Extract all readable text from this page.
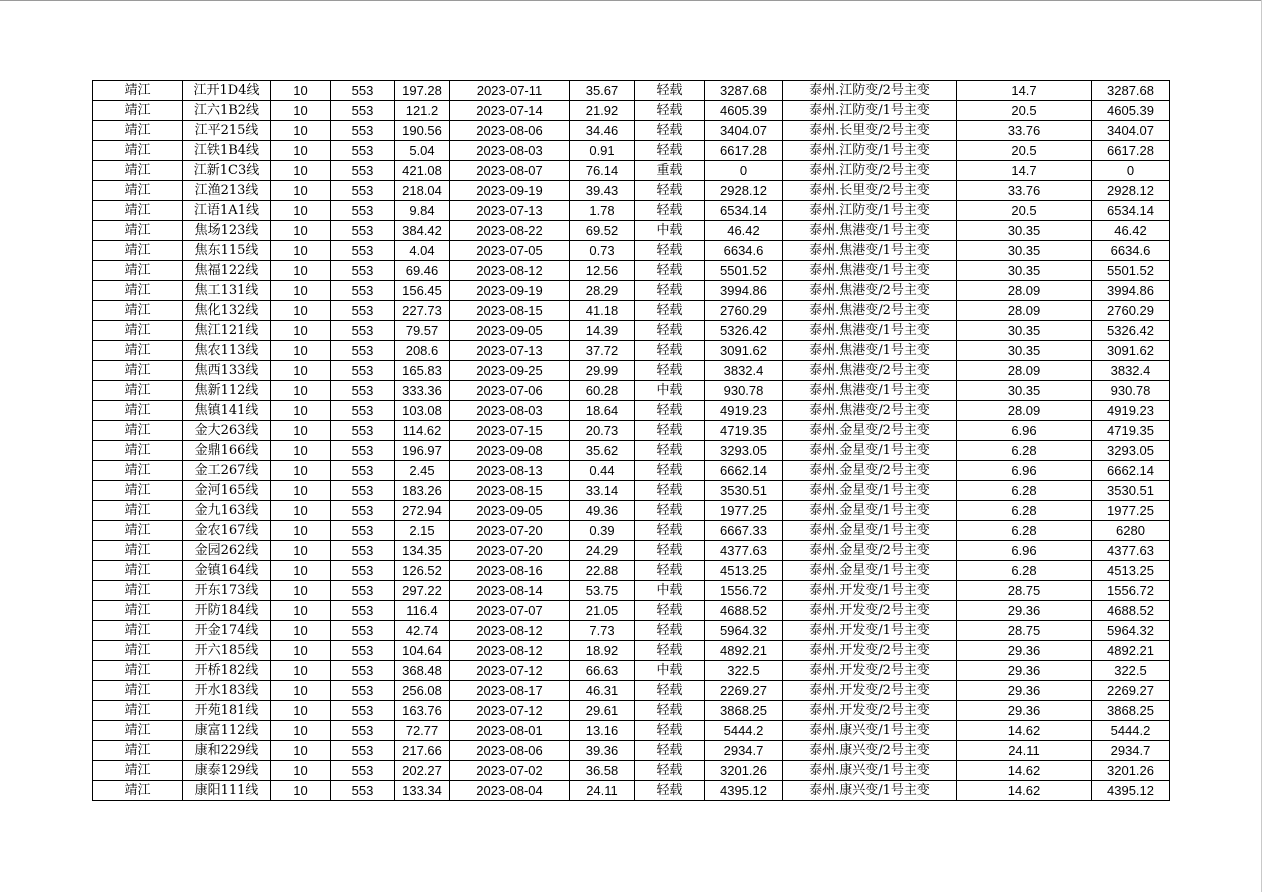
靖江	江开1D4线	10	553	197.28	2023-07-11	35.67	轻载	3287.68	泰州.江防变/2号主变	14.7	3287.68
靖江	江六1B2线	10	553	121.2	2023-07-14	21.92	轻载	4605.39	泰州.江防变/1号主变	20.5	4605.39
靖江	江平215线	10	553	190.56	2023-08-06	34.46	轻载	3404.07	泰州.长里变/2号主变	33.76	3404.07
靖江	江铁1B4线	10	553	5.04	2023-08-03	0.91	轻载	6617.28	泰州.江防变/1号主变	20.5	6617.28
靖江	江新1C3线	10	553	421.08	2023-08-07	76.14	重载	0	泰州.江防变/2号主变	14.7	0
靖江	江渔213线	10	553	218.04	2023-09-19	39.43	轻载	2928.12	泰州.长里变/2号主变	33.76	2928.12
靖江	江语1A1线	10	553	9.84	2023-07-13	1.78	轻载	6534.14	泰州.江防变/1号主变	20.5	6534.14
靖江	焦场123线	10	553	384.42	2023-08-22	69.52	中载	46.42	泰州.焦港变/1号主变	30.35	46.42
靖江	焦东115线	10	553	4.04	2023-07-05	0.73	轻载	6634.6	泰州.焦港变/1号主变	30.35	6634.6
靖江	焦福122线	10	553	69.46	2023-08-12	12.56	轻载	5501.52	泰州.焦港变/1号主变	30.35	5501.52
靖江	焦工131线	10	553	156.45	2023-09-19	28.29	轻载	3994.86	泰州.焦港变/2号主变	28.09	3994.86
靖江	焦化132线	10	553	227.73	2023-08-15	41.18	轻载	2760.29	泰州.焦港变/2号主变	28.09	2760.29
靖江	焦江121线	10	553	79.57	2023-09-05	14.39	轻载	5326.42	泰州.焦港变/1号主变	30.35	5326.42
靖江	焦农113线	10	553	208.6	2023-07-13	37.72	轻载	3091.62	泰州.焦港变/1号主变	30.35	3091.62
靖江	焦西133线	10	553	165.83	2023-09-25	29.99	轻载	3832.4	泰州.焦港变/2号主变	28.09	3832.4
靖江	焦新112线	10	553	333.36	2023-07-06	60.28	中载	930.78	泰州.焦港变/1号主变	30.35	930.78
靖江	焦镇141线	10	553	103.08	2023-08-03	18.64	轻载	4919.23	泰州.焦港变/2号主变	28.09	4919.23
靖江	金大263线	10	553	114.62	2023-07-15	20.73	轻载	4719.35	泰州.金星变/2号主变	6.96	4719.35
靖江	金鼎166线	10	553	196.97	2023-09-08	35.62	轻载	3293.05	泰州.金星变/1号主变	6.28	3293.05
靖江	金工267线	10	553	2.45	2023-08-13	0.44	轻载	6662.14	泰州.金星变/2号主变	6.96	6662.14
靖江	金河165线	10	553	183.26	2023-08-15	33.14	轻载	3530.51	泰州.金星变/1号主变	6.28	3530.51
靖江	金九163线	10	553	272.94	2023-09-05	49.36	轻载	1977.25	泰州.金星变/1号主变	6.28	1977.25
靖江	金农167线	10	553	2.15	2023-07-20	0.39	轻载	6667.33	泰州.金星变/1号主变	6.28	6280
靖江	金园262线	10	553	134.35	2023-07-20	24.29	轻载	4377.63	泰州.金星变/2号主变	6.96	4377.63
靖江	金镇164线	10	553	126.52	2023-08-16	22.88	轻载	4513.25	泰州.金星变/1号主变	6.28	4513.25
靖江	开东173线	10	553	297.22	2023-08-14	53.75	中载	1556.72	泰州.开发变/1号主变	28.75	1556.72
靖江	开防184线	10	553	116.4	2023-07-07	21.05	轻载	4688.52	泰州.开发变/2号主变	29.36	4688.52
靖江	开金174线	10	553	42.74	2023-08-12	7.73	轻载	5964.32	泰州.开发变/1号主变	28.75	5964.32
靖江	开六185线	10	553	104.64	2023-08-12	18.92	轻载	4892.21	泰州.开发变/2号主变	29.36	4892.21
靖江	开桥182线	10	553	368.48	2023-07-12	66.63	中载	322.5	泰州.开发变/2号主变	29.36	322.5
靖江	开水183线	10	553	256.08	2023-08-17	46.31	轻载	2269.27	泰州.开发变/2号主变	29.36	2269.27
靖江	开苑181线	10	553	163.76	2023-07-12	29.61	轻载	3868.25	泰州.开发变/2号主变	29.36	3868.25
靖江	康富112线	10	553	72.77	2023-08-01	13.16	轻载	5444.2	泰州.康兴变/1号主变	14.62	5444.2
靖江	康和229线	10	553	217.66	2023-08-06	39.36	轻载	2934.7	泰州.康兴变/2号主变	24.11	2934.7
靖江	康泰129线	10	553	202.27	2023-07-02	36.58	轻载	3201.26	泰州.康兴变/1号主变	14.62	3201.26
靖江	康阳111线	10	553	133.34	2023-08-04	24.11	轻载	4395.12	泰州.康兴变/1号主变	14.62	4395.12
